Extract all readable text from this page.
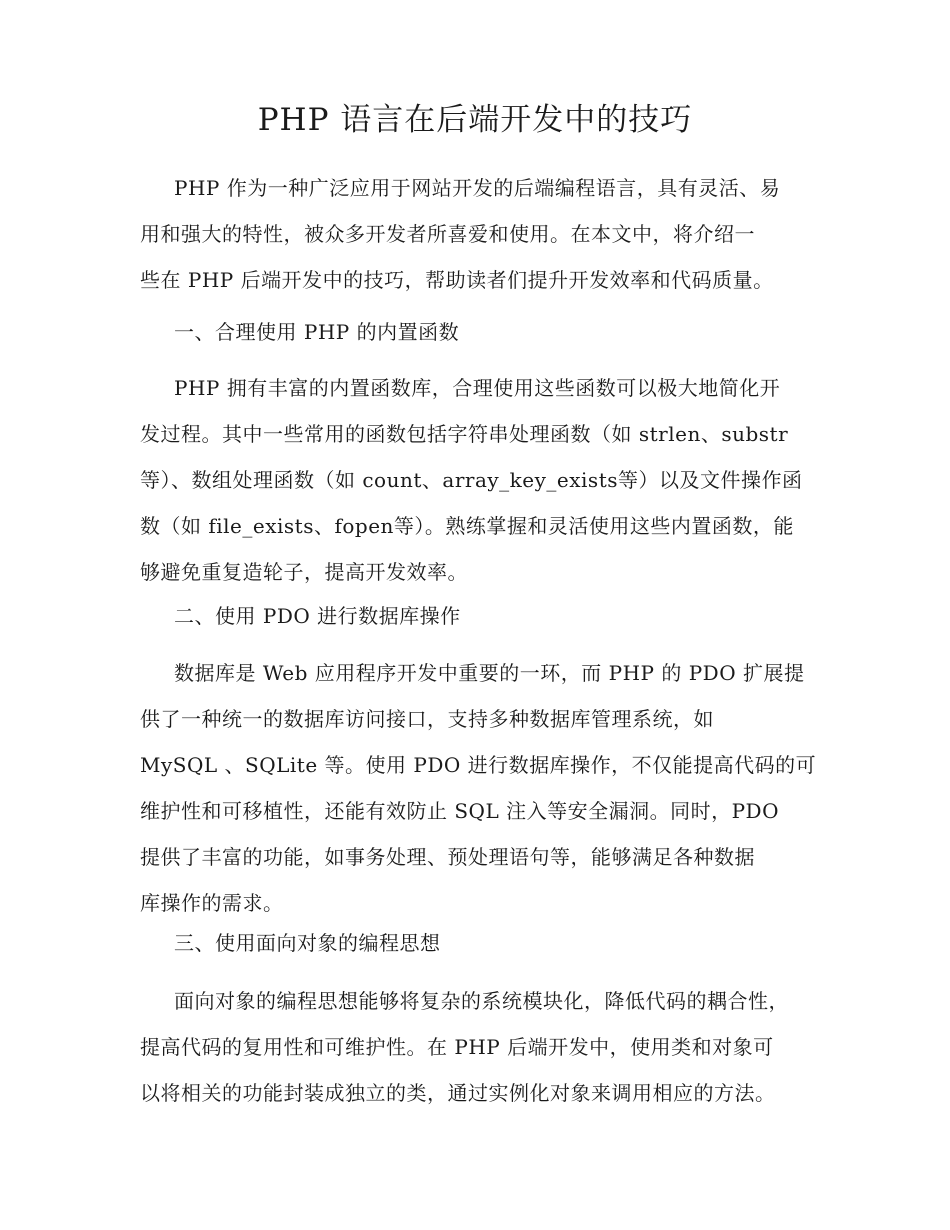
PHP 语言在后端开发中的技巧
PHP 作为一种广泛应用于网站开发的后端编程语言，具有灵活、易
用和强大的特性，被众多开发者所喜爱和使用。在本文中，将介绍一
些在 PHP 后端开发中的技巧，帮助读者们提升开发效率和代码质量。
一、合理使用 PHP 的内置函数
PHP 拥有丰富的内置函数库，合理使用这些函数可以极大地简化开
发过程。其中一些常用的函数包括字符串处理函数（如 strlen、substr
等）、数组处理函数（如 count、array_key_exists等）以及文件操作函
数（如 file_exists、fopen等）。熟练掌握和灵活使用这些内置函数，能
够避免重复造轮子，提高开发效率。
二、使用 PDO 进行数据库操作
数据库是 Web 应用程序开发中重要的一环，而 PHP 的 PDO 扩展提
供了一种统一的数据库访问接口，支持多种数据库管理系统，如
MySQL 、SQLite 等。使用 PDO 进行数据库操作，不仅能提高代码的可
维护性和可移植性，还能有效防止 SQL 注入等安全漏洞。同时，PDO
提供了丰富的功能，如事务处理、预处理语句等，能够满足各种数据
库操作的需求。
三、使用面向对象的编程思想
面向对象的编程思想能够将复杂的系统模块化，降低代码的耦合性，
提高代码的复用性和可维护性。在 PHP 后端开发中，使用类和对象可
以将相关的功能封装成独立的类，通过实例化对象来调用相应的方法。
